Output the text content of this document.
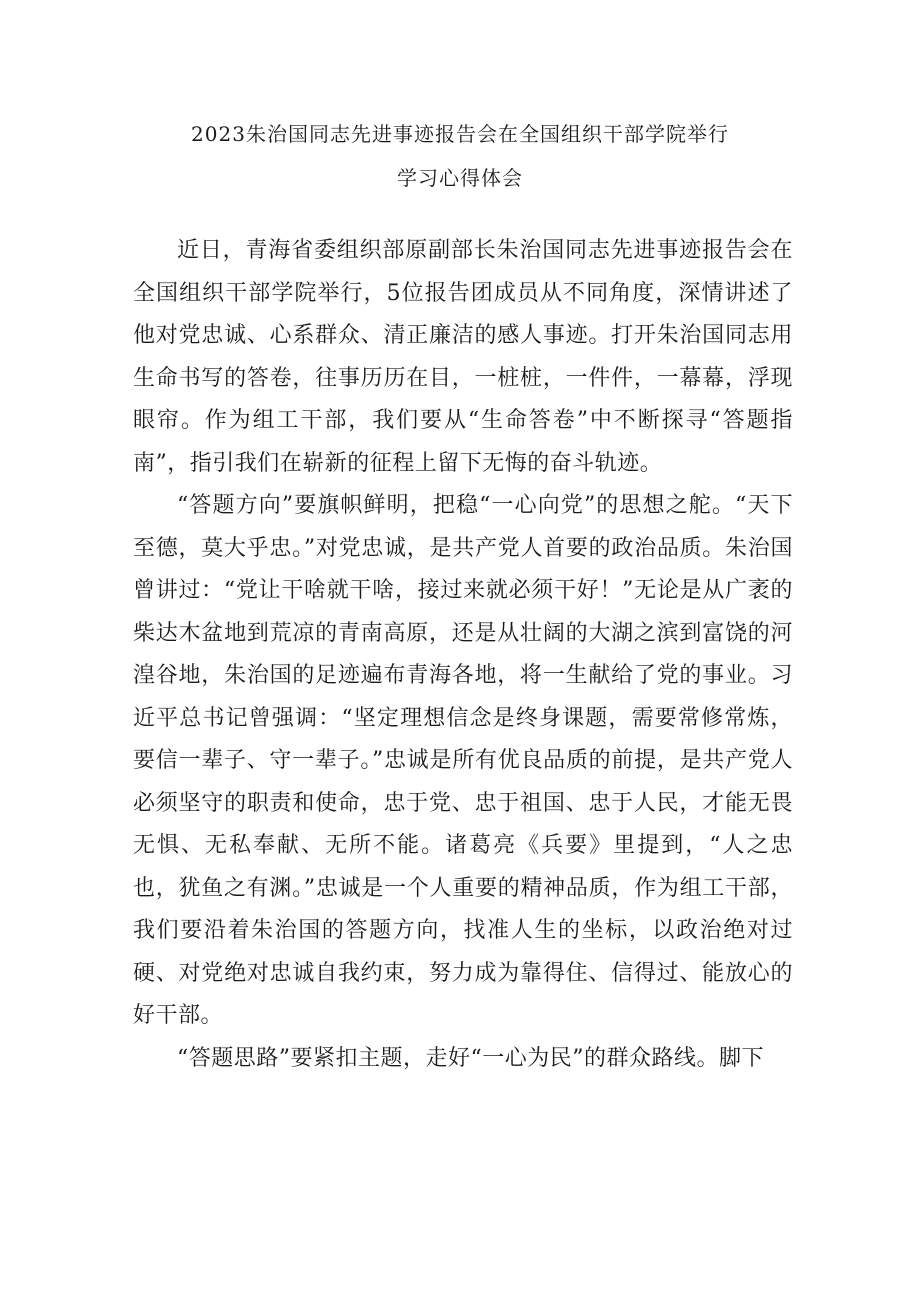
2023朱治国同志先进事迹报告会在全国组织干部学院举行
学习心得体会

近日，青海省委组织部原副部长朱治国同志先进事迹报告会在全国组织干部学院举行，5位报告团成员从不同角度，深情讲述了他对党忠诚、心系群众、清正廉洁的感人事迹。打开朱治国同志用生命书写的答卷，往事历历在目，一桩桩，一件件，一幕幕，浮现眼帘。作为组工干部，我们要从“生命答卷”中不断探寻“答题指南”，指引我们在崭新的征程上留下无悔的奋斗轨迹。

“答题方向”要旗帜鲜明，把稳“一心向党”的思想之舵。“天下至德，莫大乎忠。”对党忠诚，是共产党人首要的政治品质。朱治国曾讲过：“党让干啥就干啥，接过来就必须干好！”无论是从广袤的柴达木盆地到荒凉的青南高原，还是从壮阔的大湖之滨到富饶的河湟谷地，朱治国的足迹遍布青海各地，将一生献给了党的事业。习近平总书记曾强调：“坚定理想信念是终身课题，需要常修常炼，要信一辈子、守一辈子。”忠诚是所有优良品质的前提，是共产党人必须坚守的职责和使命，忠于党、忠于祖国、忠于人民，才能无畏无惧、无私奉献、无所不能。诸葛亮《兵要》里提到，“人之忠也，犹鱼之有渊。”忠诚是一个人重要的精神品质，作为组工干部，我们要沿着朱治国的答题方向，找准人生的坐标，以政治绝对过硬、对党绝对忠诚自我约束，努力成为靠得住、信得过、能放心的好干部。

“答题思路”要紧扣主题，走好“一心为民”的群众路线。脚下
